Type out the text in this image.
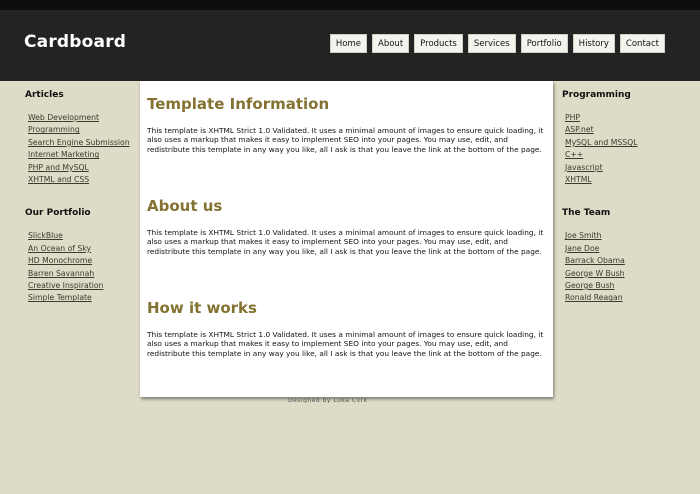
Cardboard	Home	About	Products	Services	Portfolio	History	Contact
Articles
Web Development
Programming
Search Engine Submission
Internet Marketing
PHP and MySQL
XHTML and CSS
Our Portfolio
SlickBlue
An Ocean of Sky
HD Monochrome
Barren Savannah
Creative Inspiration
Simple Template
Programming
PHP
ASP.net
MySQL and MSSQL
C++
Javascript
XHTML
The Team
Joe Smith
Jane Doe
Barrack Obama
George W Bush
George Bush
Ronald Reagan
Template Information
This template is XHTML Strict 1.0 Validated. It uses a minimal amount of images to ensure quick loading, it also uses a markup that makes it easy to implement SEO into your pages. You may use, edit, and redistribute this template in any way you like, all I ask is that you leave the link at the bottom of the page.
About us
This template is XHTML Strict 1.0 Validated. It uses a minimal amount of images to ensure quick loading, it also uses a markup that makes it easy to implement SEO into your pages. You may use, edit, and redistribute this template in any way you like, all I ask is that you leave the link at the bottom of the page.
How it works
This template is XHTML Strict 1.0 Validated. It uses a minimal amount of images to ensure quick loading, it also uses a markup that makes it easy to implement SEO into your pages. You may use, edit, and redistribute this template in any way you like, all I ask is that you leave the link at the bottom of the page.
Designed by Luka Cvrk
